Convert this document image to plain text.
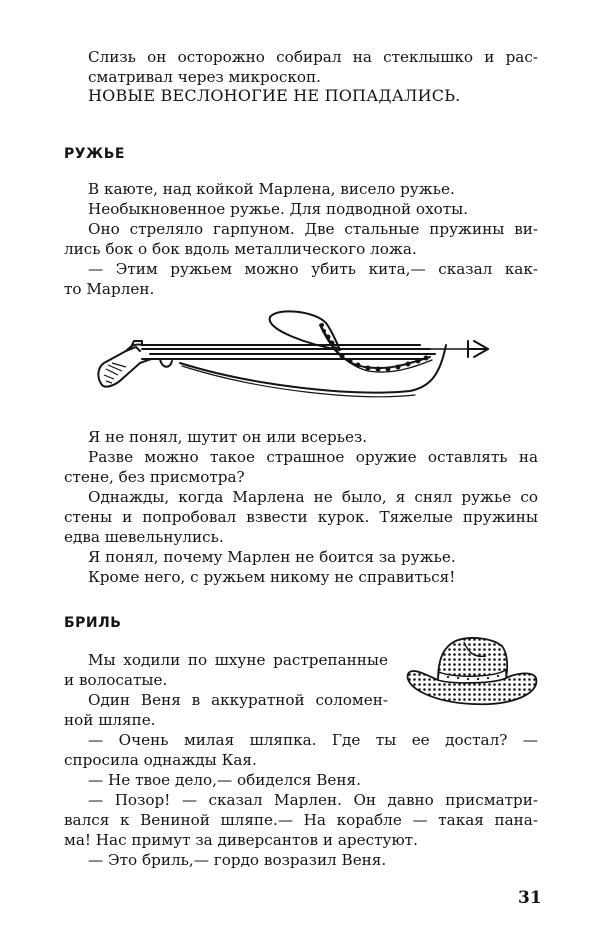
Слизь он осторожно собирал на стеклышко и рас-

сматривал через микроскоп.

НОВЫЕ ВЕСЛОНОГИЕ НЕ ПОПАДАЛИСЬ.

РУЖЬЕ

В каюте, над койкой Марлена, висело ружье.

Необыкновенное ружье. Для подводной охоты.

Оно стреляло гарпуном. Две стальные пружины ви-

лись бок о бок вдоль металлического ложа.

— Этим ружьем можно убить кита,— сказал как-

то Марлен.

Я не понял, шутит он или всерьез.

Разве можно такое страшное оружие оставлять на

стене, без присмотра?

Однажды, когда Марлена не было, я снял ружье со

стены и попробовал взвести курок. Тяжелые пружины

едва шевельнулись.

Я понял, почему Марлен не боится за ружье.

Кроме него, с ружьем никому не справиться!

БРИЛЬ

Мы ходили по шхуне растрепанные

и волосатые.

Один Веня в аккуратной соломен-

ной шляпе.

— Очень милая шляпка. Где ты ее достал? —

спросила однажды Кая.

— Не твое дело,— обиделся Веня.

— Позор! — сказал Марлен. Он давно присматри-

вался к Вениной шляпе.— На корабле — такая пана-

ма! Нас примут за диверсантов и арестуют.

— Это бриль,— гордо возразил Веня.

31
